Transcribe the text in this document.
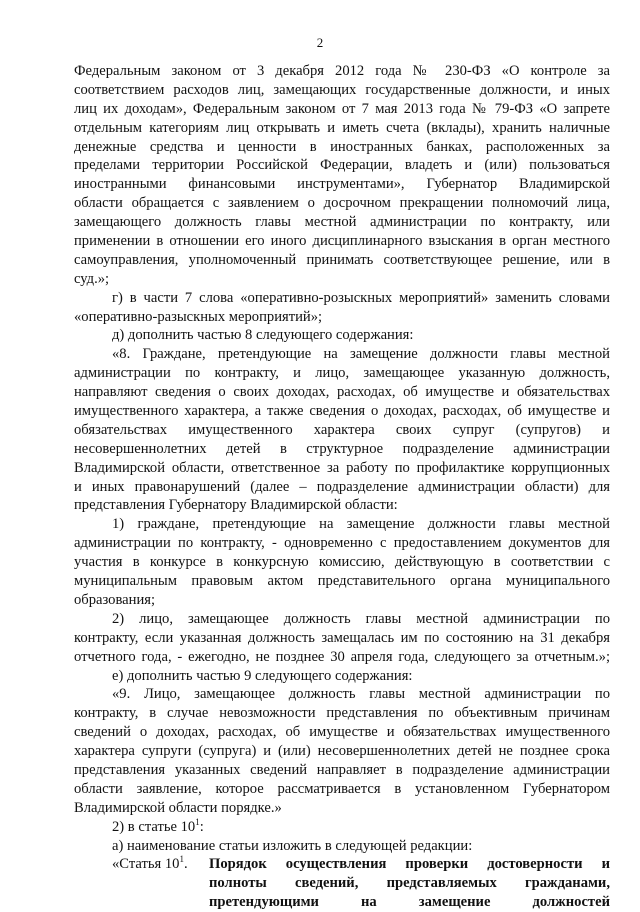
2
Федеральным законом от 3 декабря 2012 года № 230-ФЗ «О контроле за
соответствием расходов лиц, замещающих государственные должности, и иных
лиц их доходам», Федеральным законом от 7 мая 2013 года № 79-ФЗ «О запрете
отдельным категориям лиц открывать и иметь счета (вклады), хранить наличные
денежные средства и ценности в иностранных банках, расположенных за
пределами территории Российской Федерации, владеть и (или) пользоваться
иностранными финансовыми инструментами», Губернатор Владимирской
области обращается с заявлением о досрочном прекращении полномочий лица,
замещающего должность главы местной администрации по контракту, или
применении в отношении его иного дисциплинарного взыскания в орган местного
самоуправления, уполномоченный принимать соответствующее решение, или в
суд.»;
г) в части 7 слова «оперативно-розыскных мероприятий» заменить словами
«оперативно-разыскных мероприятий»;
д) дополнить частью 8 следующего содержания:
«8. Граждане, претендующие на замещение должности главы местной
администрации по контракту, и лицо, замещающее указанную должность,
направляют сведения о своих доходах, расходах, об имуществе и обязательствах
имущественного характера, а также сведения о доходах, расходах, об имуществе и
обязательствах имущественного характера своих супруг (супругов) и
несовершеннолетних детей в структурное подразделение администрации
Владимирской области, ответственное за работу по профилактике коррупционных
и иных правонарушений (далее – подразделение администрации области) для
представления Губернатору Владимирской области:
1) граждане, претендующие на замещение должности главы местной
администрации по контракту, - одновременно с предоставлением документов для
участия в конкурсе в конкурсную комиссию, действующую в соответствии с
муниципальным правовым актом представительного органа муниципального
образования;
2) лицо, замещающее должность главы местной администрации по
контракту, если указанная должность замещалась им по состоянию на 31 декабря
отчетного года, - ежегодно, не позднее 30 апреля года, следующего за отчетным.»;
е) дополнить частью 9 следующего содержания:
«9. Лицо, замещающее должность главы местной администрации по
контракту, в случае невозможности представления по объективным причинам
сведений о доходах, расходах, об имуществе и обязательствах имущественного
характера супруги (супруга) и (или) несовершеннолетних детей не позднее срока
представления указанных сведений направляет в подразделение администрации
области заявление, которое рассматривается в установленном Губернатором
Владимирской области порядке.»
2) в статье $10^1$:
а) наименование статьи изложить в следующей редакции:
«Статья $10^1$. Порядок осуществления проверки достоверности и
полноты сведений, представляемых гражданами,
претендующими на замещение должностей
